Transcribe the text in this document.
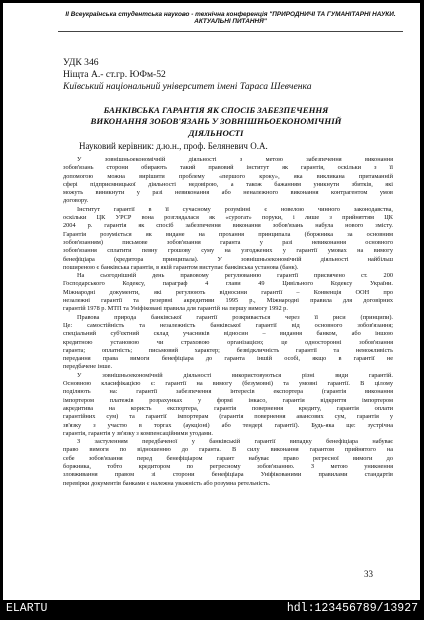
II Всеукраїнська студентська науково - технічна конференція "ПРИРОДНИЧІ ТА ГУМАНІТАРНІ НАУКИ.

АКТУАЛЬНІ ПИТАННЯ"

УДК 346

Ніщта А.- ст.гр. ЮФм-52

Київський національний університет імені Тараса Шевченка

БАНКІВСЬКА ГАРАНТІЯ ЯК СПОСІБ ЗАБЕЗПЕЧЕННЯ

ВИКОНАННЯ ЗОБОВ'ЯЗАНЬ У ЗОВНІШНЬОЕКОНОМІЧНІЙ

ДІЯЛЬНОСТІ

Науковий керівник: д.ю.н., проф. Беляневич О.А.

У зовнішньоекономічній діяльності з метою забезпечення виконання

зобов'язань сторони обирають такий правовий інститут як гарантія, оскільки з її

допомогою можна вирішити проблему «першого кроку», яка викликана притаманній

сфері підприємницької діяльності недовірою, а також бажанням уникнути збитків, які

можуть виникнути у разі невиконання або неналежного виконання контрагентом умов

договору.

Інститут гарантії в її сучасному розумінні є новелою чинного законодавства,

оскільки ЦК УРСР вона розглядалася як «сурогат» поруки, і лише з прийняттям ЦК

2004 р. гарантія як спосіб забезпечення виконання зобов'язань набула нового змісту.

Гарантія розуміється як видане на прохання принципала (боржника за основним

зобов'язанням) письмове зобов'язання гаранта у разі невиконання основного

зобов'язання сплатити певну грошову суму на узгоджених у гарантії умовах на вимогу

бенефіціара (кредитора принципала). У зовнішньоекономічній діяльності найбільш

поширеною є банківська гарантія, в якій гарантом виступає банківська установа (банк).

На сьогоднішній день правовому регулюванню гарантії присвячено ст. 200

Господарського Кодексу, параграф 4 глави 49 Цивільного Кодексу України.

Міжнародні документи, які регулюють відносини гарантії – Конвенція ООН про

незалежні гарантії та резервні акредитиви 1995 р., Міжнародні правила для договірних

гарантій 1978 р. МТП та Уніфіковані правила для гарантій на першу вимогу 1992 р.

Правова природа банківської гарантії розкривається через її риси (принципи).

Це: самостійність та незалежність банківської гарантії від основного зобов'язання;

спеціальний суб'єктний склад учасників відносин – видання банком, або іншою

кредитною установою чи страховою організацією; це односторонні зобов'язання

гаранта; оплатність; письмовий характер; безвідкличність гарантії та неможливість

передання права вимоги бенефіціара до гаранта іншій особі, якщо в гарантії не

передбачене інше.

У зовнішньоекономічній діяльності використовуються різні види гарантій.

Основною класифікацією є: гарантії на вимогу (безумовні) та умовні гарантії. В цілому

поділяють на: гарантії забезпечення інтересів експортера (гарантія виконання

імпортером платежів розрахунках у формі інкасо, гарантія відкриття імпортером

акредитива на користь експортера, гарантія повернення кредиту, гарантія оплати

гарантійних сум) та гарантії імпортерам (гарантія повернення авансових сум, гарантія у

зв'язку з участю в торгах (аукціоні) або тендері гарантії). Будь-яка ще: зустрічна

гарантія, гарантія у зв'язку з компенсаційними угодами.

З застуленням передбаченої у банківській гарантії випадку бенефіціара набуває

право вимоги по відношенню до гаранта. В силу виконання гарантом прийнятого на

себе зобов'язання перед бенефіціаром гарант набуває право регресної вимоги до

боржника, тобто кредитором по регресному зобов'язанню. З метою уникнення

зловживання правом зі сторони бенефіціара Уніфікованими правилами стандартів

перевірки документів банками є належна уважність або розумна ретельність.

33

ELARTU	hdl:123456789/13927
